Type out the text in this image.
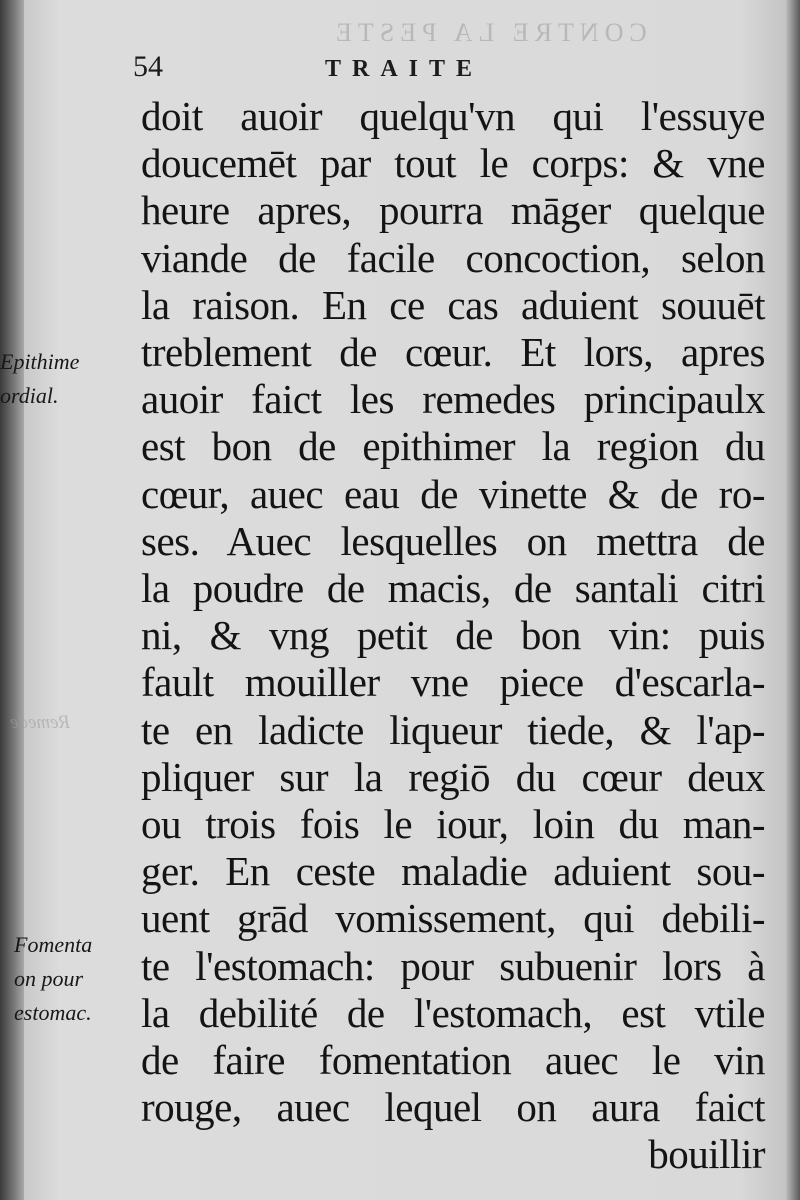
CONTRE LA PESTE
Remede
54	TRAITE
doit auoir quelqu'vn qui l'essuye
doucemēt par tout le corps: & vne
heure apres, pourra māger quelque
viande de facile concoction, selon
la raison. En ce cas aduient souuēt
treblement de cœur. Et lors, apres
auoir faict les remedes principaulx
est bon de epithimer la region du
cœur, auec eau de vinette & de ro-
ses. Auec lesquelles on mettra de
la poudre de macis, de santali citri
ni, & vng petit de bon vin: puis
fault mouiller vne piece d'escarla-
te en ladicte liqueur tiede, & l'ap-
pliquer sur la regiō du cœur deux
ou trois fois le iour, loin du man-
ger. En ceste maladie aduient sou-
uent grād vomissement, qui debili-
te l'estomach: pour subuenir lors à
la debilité de l'estomach, est vtile
de faire fomentation auec le vin
rouge, auec lequel on aura faict
bouillir
Epithime
ordial.
Fomenta
on pour
estomac.
